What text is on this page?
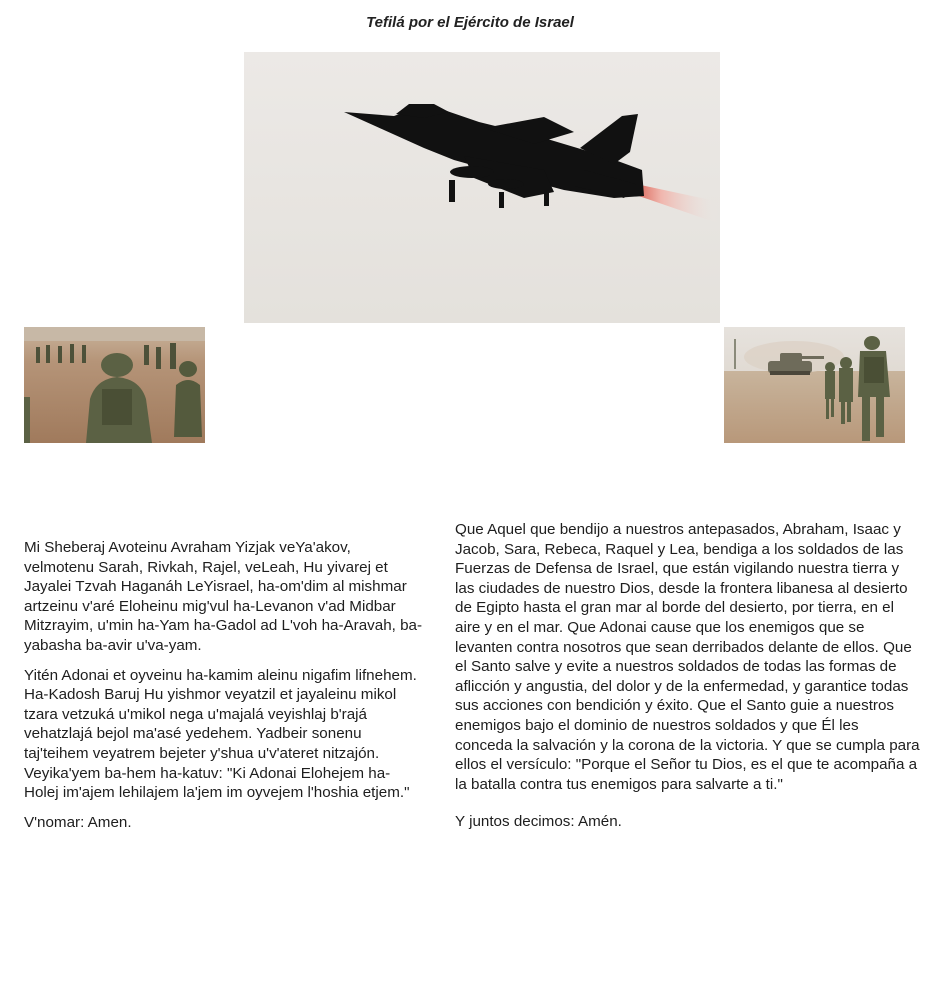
Tefilá por el Ejército de Israel

Mi Sheberaj Avoteinu Avraham Yizjak veYa'akov, velmotenu Sarah, Rivkah, Rajel, veLeah, Hu yivarej et Jayalei Tzvah Haganáh LeYisrael, ha-om'dim al mishmar artzeinu v'aré Eloheinu mig'vul ha-Levanon v'ad Midbar Mitzrayim, u'min ha-Yam ha-Gadol ad L'voh ha-Aravah, ba-yabasha ba-avir u'va-yam.

Yitén Adonai et oyveinu ha-kamim aleinu nigafim lifnehem. Ha-Kadosh Baruj Hu yishmor veyatzil et jayaleinu mikol tzara vetzuká u'mikol nega u'majalá veyishlaj b'rajá vehatzlajá bejol ma'asé yedehem. Yadbeir sonenu taj'teihem veyatrem bejeter y'shua u'v'ateret nitzajón. Veyika'yem ba-hem ha-katuv: "Ki Adonai Elohejem ha-Holej im'ajem lehilajem la'jem im oyvejem l'hoshia etjem."

V'nomar: Amen.

Que Aquel que bendijo a nuestros antepasados, Abraham, Isaac y Jacob, Sara, Rebeca, Raquel y Lea, bendiga a los soldados de las Fuerzas de Defensa de Israel, que están vigilando nuestra tierra y las ciudades de nuestro Dios, desde la frontera libanesa al desierto de Egipto hasta el gran mar al borde del desierto, por tierra, en el aire y en el mar. Que Adonai cause que los enemigos que se levanten contra nosotros que sean derribados delante de ellos. Que el Santo salve y evite a nuestros soldados de todas las formas de aflicción y angustia, del dolor y de la enfermedad, y garantice todas sus acciones con bendición y éxito. Que el Santo guie a nuestros enemigos bajo el dominio de nuestros soldados y que Él les conceda la salvación y la corona de la victoria. Y que se cumpla para ellos el versículo: "Porque el Señor tu Dios, es el que te acompaña a la batalla contra tus enemigos para salvarte a ti."

Y juntos decimos: Amén.
